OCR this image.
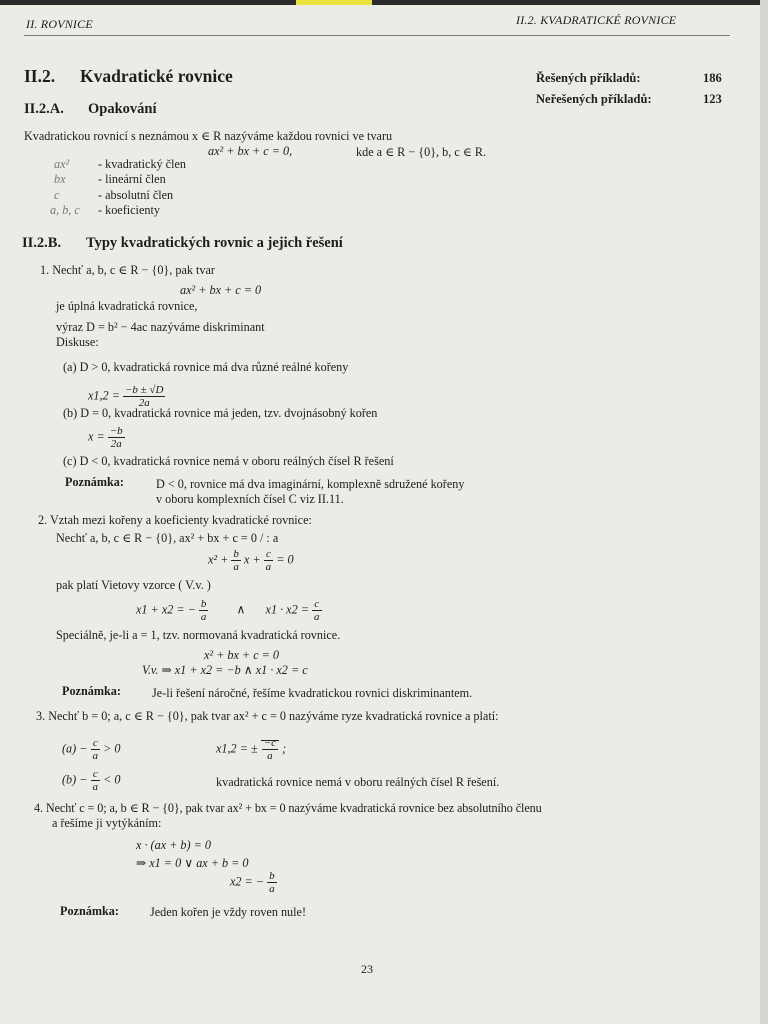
II. ROVNICE	II.2. KVADRATICKÉ ROVNICE
II.2. Kvadratické rovnice	Řešených příkladů:	186
Neřešených příkladů:	123
II.2.A. Opakování
Kvadratickou rovnicí s neznámou x ∈ R nazýváme každou rovnici ve tvaru
ax² + bx + c = 0,	kde a ∈ R − {0}, b, c ∈ R.
ax² - kvadratický člen
bx	- lineární člen
c	- absolutní člen
a, b, c - koeficienty
II.2.B. Typy kvadratických rovnic a jejich řešení
1. Nechť a, b, c ∈ R − {0}, pak tvar
ax² + bx + c = 0
je úplná kvadratická rovnice,
výraz D = b² − 4ac nazýváme diskriminant
Diskuse:
(a) D > 0, kvadratická rovnice má dva různé reálné kořeny
$x1,2 = \frac{-b \pm √D}{2a}$
(b) D = 0, kvadratická rovnice má jeden, tzv. dvojnásobný kořen
$x = \frac{-b}{2a}$
(c) D < 0, kvadratická rovnice nemá v oboru reálných čísel R řešení
Poznámka:	D < 0, rovnice má dva imaginární, komplexně sdružené kořeny
v oboru komplexních čísel C viz II.11.
2. Vztah mezi kořeny a koeficienty kvadratické rovnice:
Nechť a, b, c ∈ R − {0}, ax² + bx + c = 0 / : a
$x^2 + \frac{b}{a}$ $x + \frac{c}{a} = 0$
pak platí Vietovy vzorce ( V.v. )
x1 + x2 = − $\frac{b}{a}$ ∧ $x1 \cdot x2 = \frac{c}{a}$
Speciálně, je-li a = 1, tzv. normovaná kvadratická rovnice.
x² + bx + c = 0
V.v. ⇒ x1 + x2 = −b ∧ x1 · x2 = c
Poznámka:	Je-li řešení náročné, řešíme kvadratickou rovnici diskriminantem.
3. Nechť b = 0; a, c ∈ R − {0}, pak tvar ax² + c = 0 nazýváme ryze kvadratická rovnice a platí:
$(a) - \frac{c}{a} > 0$	x1,2 = ± $\frac{-c}{a}$ ;
$(b) - \frac{c}{a} < 0$	kvadratická rovnice nemá v oboru reálných čísel R řešení.
4. Nechť c = 0; a, b ∈ R − {0}, pak tvar ax² + bx = 0 nazýváme kvadratická rovnice bez absolutního členu
a řešíme ji vytýkáním:
x · (ax + b) = 0
⇒ x1 = 0 ∨ ax + b = 0
x2 = − $\frac{b}{a}$
Poznámka:	Jeden kořen je vždy roven nule!
23
